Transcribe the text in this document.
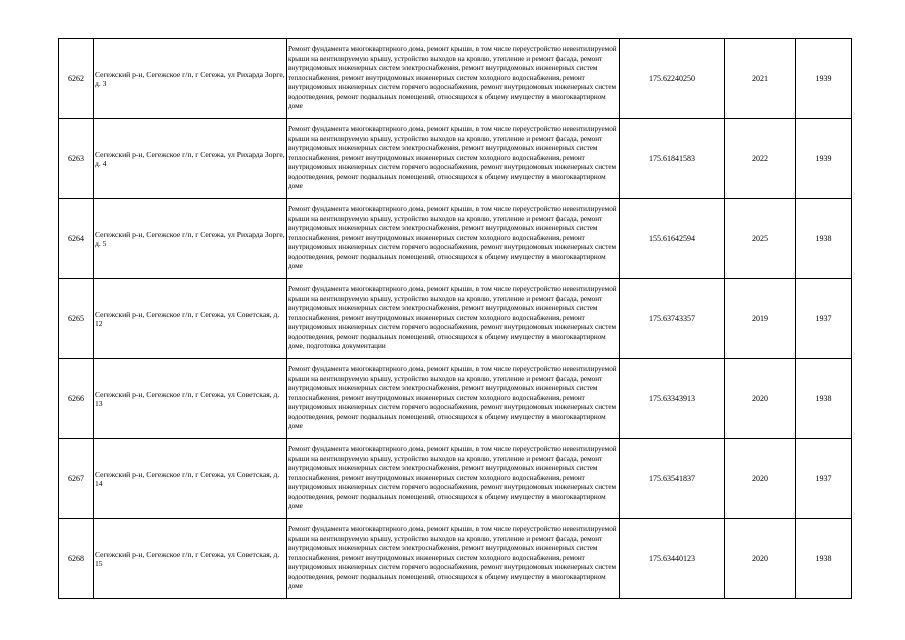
6262	Сегежский р-н, Сегежское г/п, г Сегежа, ул Рихарда Зорге, д. 3	Ремонт фундамента многоквартирного дома, ремонт крыши, в том числе переустройство невентилируемой крыши на вентилируемую крышу, устройство выходов на кровлю, утепление и ремонт фасада, ремонт внутридомовых инженерных систем электроснабжения, ремонт внутридомовых инженерных систем теплоснабжения, ремонт внутридомовых инженерных систем холодного водоснабжения, ремонт внутридомовых инженерных систем горячего водоснабжения, ремонт внутридомовых инженерных систем водоотведения, ремонт подвальных помещений, относящихся к общему имуществу в многоквартирном доме	175.62240250	2021	1939
6263	Сегежский р-н, Сегежское г/п, г Сегежа, ул Рихарда Зорге, д. 4	Ремонт фундамента многоквартирного дома, ремонт крыши, в том числе переустройство невентилируемой крыши на вентилируемую крышу, устройство выходов на кровлю, утепление и ремонт фасада, ремонт внутридомовых инженерных систем электроснабжения, ремонт внутридомовых инженерных систем теплоснабжения, ремонт внутридомовых инженерных систем холодного водоснабжения, ремонт внутридомовых инженерных систем горячего водоснабжения, ремонт внутридомовых инженерных систем водоотведения, ремонт подвальных помещений, относящихся к общему имуществу в многоквартирном доме	175.61841583	2022	1939
6264	Сегежский р-н, Сегежское г/п, г Сегежа, ул Рихарда Зорге, д. 5	Ремонт фундамента многоквартирного дома, ремонт крыши, в том числе переустройство невентилируемой крыши на вентилируемую крышу, устройство выходов на кровлю, утепление и ремонт фасада, ремонт внутридомовых инженерных систем электроснабжения, ремонт внутридомовых инженерных систем теплоснабжения, ремонт внутридомовых инженерных систем холодного водоснабжения, ремонт внутридомовых инженерных систем горячего водоснабжения, ремонт внутридомовых инженерных систем водоотведения, ремонт подвальных помещений, относящихся к общему имуществу в многоквартирном доме	155.61642594	2025	1938
6265	Сегежский р-н, Сегежское г/п, г Сегежа, ул Советская, д. 12	Ремонт фундамента многоквартирного дома, ремонт крыши, в том числе переустройство невентилируемой крыши на вентилируемую крышу, устройство выходов на кровлю, утепление и ремонт фасада, ремонт внутридомовых инженерных систем электроснабжения, ремонт внутридомовых инженерных систем теплоснабжения, ремонт внутридомовых инженерных систем холодного водоснабжения, ремонт внутридомовых инженерных систем горячего водоснабжения, ремонт внутридомовых инженерных систем водоотведения, ремонт подвальных помещений, относящихся к общему имуществу в многоквартирном доме, подготовка документации	175.63743357	2019	1937
6266	Сегежский р-н, Сегежское г/п, г Сегежа, ул Советская, д. 13	Ремонт фундамента многоквартирного дома, ремонт крыши, в том числе переустройство невентилируемой крыши на вентилируемую крышу, устройство выходов на кровлю, утепление и ремонт фасада, ремонт внутридомовых инженерных систем электроснабжения, ремонт внутридомовых инженерных систем теплоснабжения, ремонт внутридомовых инженерных систем холодного водоснабжения, ремонт внутридомовых инженерных систем горячего водоснабжения, ремонт внутридомовых инженерных систем водоотведения, ремонт подвальных помещений, относящихся к общему имуществу в многоквартирном доме	175.63343913	2020	1938
6267	Сегежский р-н, Сегежское г/п, г Сегежа, ул Советская, д. 14	Ремонт фундамента многоквартирного дома, ремонт крыши, в том числе переустройство невентилируемой крыши на вентилируемую крышу, устройство выходов на кровлю, утепление и ремонт фасада, ремонт внутридомовых инженерных систем электроснабжения, ремонт внутридомовых инженерных систем теплоснабжения, ремонт внутридомовых инженерных систем холодного водоснабжения, ремонт внутридомовых инженерных систем горячего водоснабжения, ремонт внутридомовых инженерных систем водоотведения, ремонт подвальных помещений, относящихся к общему имуществу в многоквартирном доме	175.63541837	2020	1937
6268	Сегежский р-н, Сегежское г/п, г Сегежа, ул Советская, д. 15	Ремонт фундамента многоквартирного дома, ремонт крыши, в том числе переустройство невентилируемой крыши на вентилируемую крышу, устройство выходов на кровлю, утепление и ремонт фасада, ремонт внутридомовых инженерных систем электроснабжения, ремонт внутридомовых инженерных систем теплоснабжения, ремонт внутридомовых инженерных систем холодного водоснабжения, ремонт внутридомовых инженерных систем горячего водоснабжения, ремонт внутридомовых инженерных систем водоотведения, ремонт подвальных помещений, относящихся к общему имуществу в многоквартирном доме	175.63440123	2020	1938
